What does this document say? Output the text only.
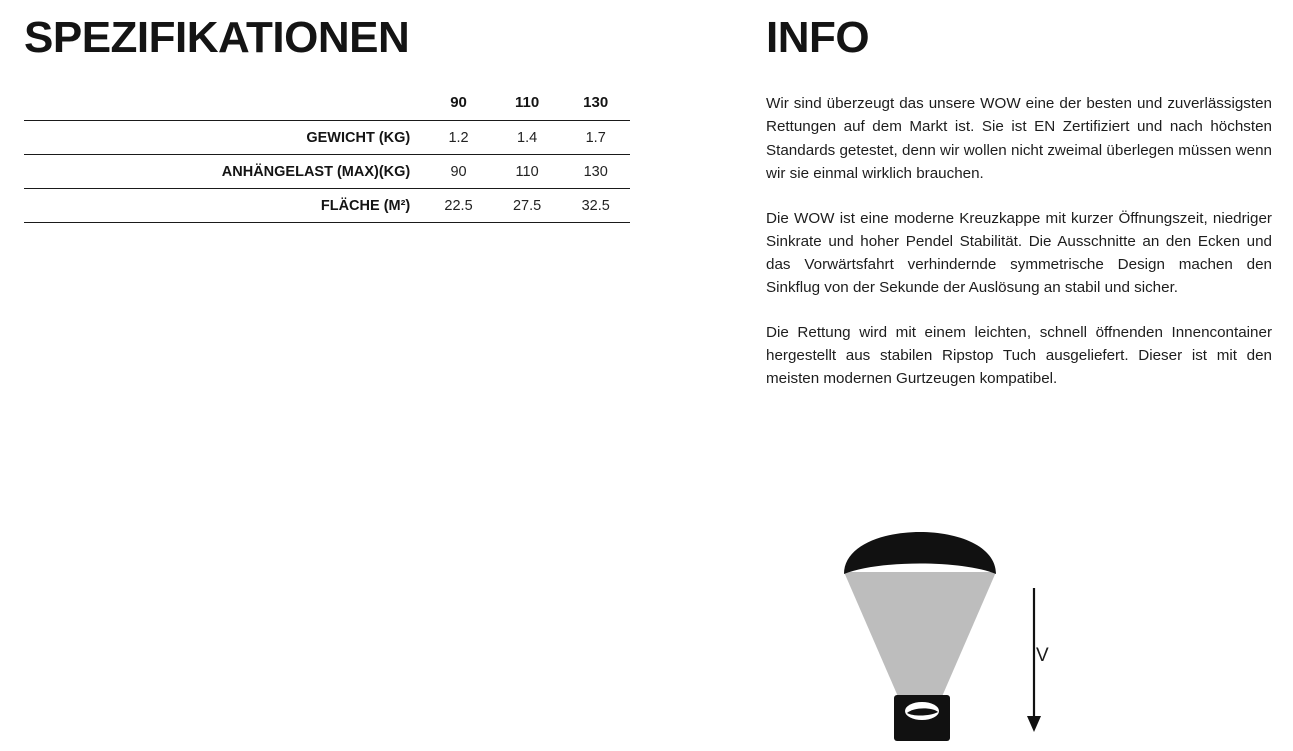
SPEZIFIKATIONEN
	90	110	130
GEWICHT (KG)	1.2	1.4	1.7
ANHÄNGELAST (MAX)(KG)	90	110	130
FLÄCHE (M²)	22.5	27.5	32.5
INFO

Wir sind überzeugt das unsere WOW eine der besten und zuverlässigsten Rettungen auf dem Markt ist. Sie ist EN Zertifiziert und nach höchsten Standards getestet, denn wir wollen nicht zweimal überlegen müssen wenn wir sie einmal wirklich brauchen.

Die WOW ist eine moderne Kreuzkappe mit kurzer Öffnungszeit, niedriger Sinkrate und hoher Pendel Stabilität. Die Ausschnitte an den Ecken und das Vorwärtsfahrt verhindernde symmetrische Design machen den Sinkflug von der Sekunde der Auslösung an stabil und sicher.

Die Rettung wird mit einem leichten, schnell öffnenden Innencontainer hergestellt aus stabilen Ripstop Tuch ausgeliefert. Dieser ist mit den meisten modernen Gurtzeugen kompatibel.

V
